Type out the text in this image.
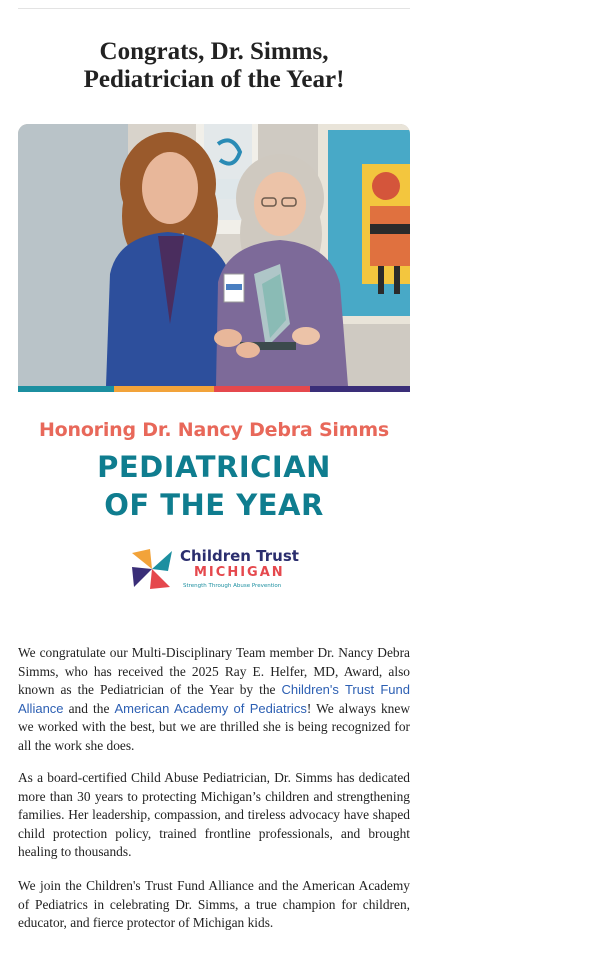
Congrats, Dr. Simms,
Pediatrician of the Year!
Honoring Dr. Nancy Debra Simms
PEDIATRICIAN
OF THE YEAR
Children Trust
MICHIGAN
Strength Through Abuse Prevention

We congratulate our Multi-Disciplinary Team member Dr. Nancy Debra Simms, who has received the 2025 Ray E. Helfer, MD, Award, also known as the Pediatrician of the Year by the Children's Trust Fund Alliance and the American Academy of Pediatrics! We always knew we worked with the best, but we are thrilled she is being recognized for all the work she does.

As a board-certified Child Abuse Pediatrician, Dr. Simms has dedicated more than 30 years to protecting Michigan’s children and strengthening families. Her leadership, compassion, and tireless advocacy have shaped child protection policy, trained frontline professionals, and brought healing to thousands.

We join the Children's Trust Fund Alliance and the American Academy of Pediatrics in celebrating Dr. Simms, a true champion for children, educator, and fierce protector of Michigan kids.
